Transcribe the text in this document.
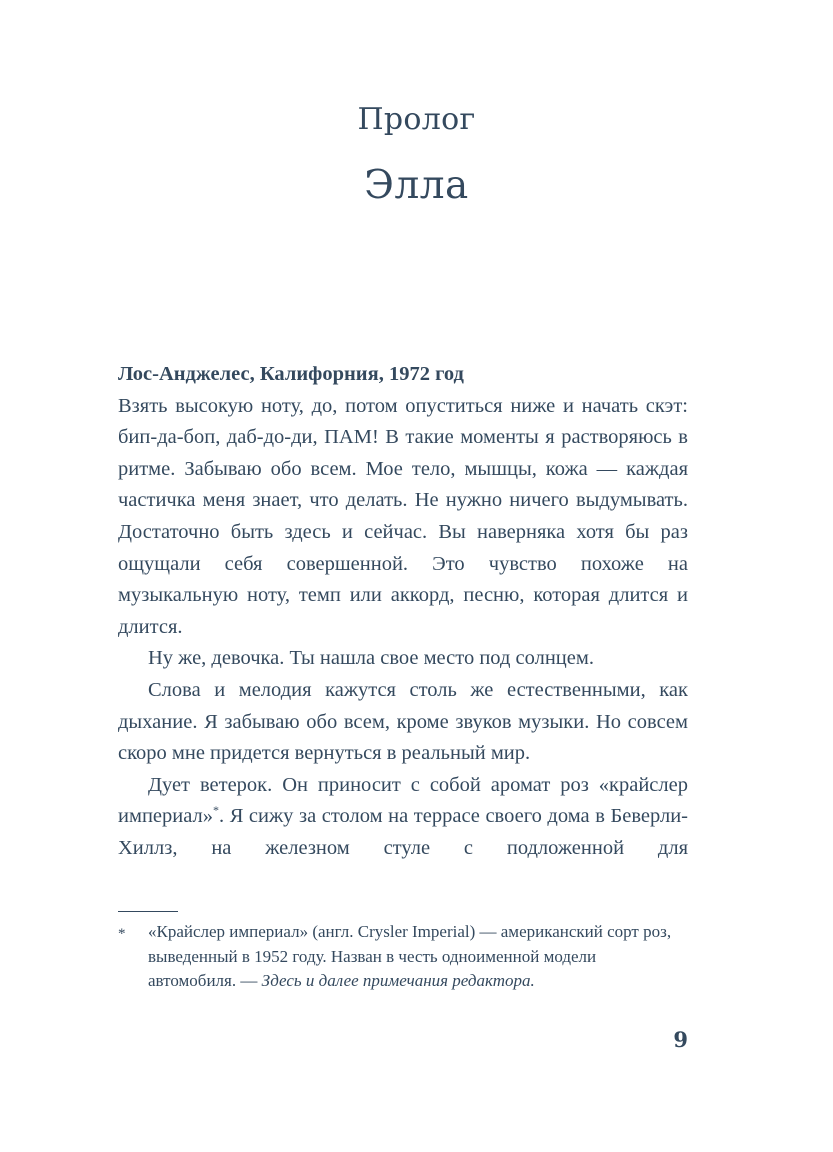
Пролог
Элла

Лос-Анджелес, Калифорния, 1972 год

Взять высокую ноту, до, потом опуститься ниже и начать скэт: бип-да-боп, даб-до-ди, ПАМ! В такие моменты я растворяюсь в ритме. Забываю обо всем. Мое тело, мышцы, кожа — каждая частичка меня знает, что делать. Не нужно ничего выдумывать. Достаточно быть здесь и сейчас. Вы наверняка хотя бы раз ощущали себя совершенной. Это чувство похоже на музыкальную ноту, темп или аккорд, песню, которая длится и длится.

Ну же, девочка. Ты нашла свое место под солнцем.

Слова и мелодия кажутся столь же естественными, как дыхание. Я забываю обо всем, кроме звуков музыки. Но совсем скоро мне придется вернуться в реальный мир.

Дует ветерок. Он приносит с собой аромат роз «крайслер империал»*. Я сижу за столом на террасе своего дома в Беверли-Хиллз, на железном стуле с подложенной для

* «Крайслер империал» (англ. Crysler Imperial) — американский сорт роз, выведенный в 1952 году. Назван в честь одноименной модели автомобиля. — Здесь и далее примечания редактора.
9
